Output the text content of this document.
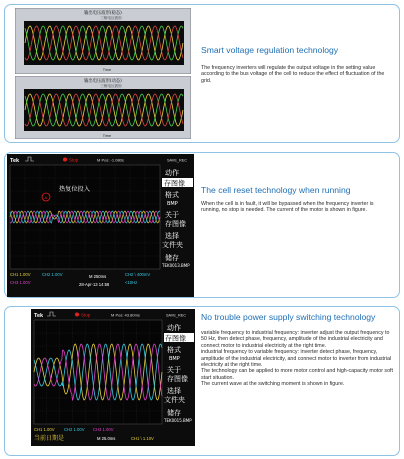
输出电压波形(稳态)
三相电压波形
Time
输出电压波形(动态)
三相电压波形
Time
Smart voltage regulation technology
The frequency inverters will regulate the output voltage in the setting value according to the bus voltage of the cell to reduce the effect of fluctuation of the grid.
Tek	Stop	M Pos: -1.080s	SAVE_REC
A
热复位投入
动作
存图像
格式
BMP
关于
存图像
选择
文件夹
储存
TEK0013.BMP
CH1 1.00V	CH2 1.00V
CH3 1.00V
M 250ms
28-Apr-13 14:58
CH2 \ 400mV
<10Hz
The cell reset technology when running
When the cell is in fault, it will be bypassed when the frequency inverter is running, no stop is needed. The current of the motor is shown in figure.
Tek	Stop	M Pos: 43.80ms	SAVE_REC
动作
存图像
格式
BMP
关于
存图像
选择
文件夹
储存
TEK0015.BMP
CH1 1.00V CH2 1.00V CH3 1.00V
当前日期是	M 25.0ms	CH1 \ 1.10V
No trouble power supply switching technology

variable frequency to industrial frequency: inverter adjust the output frequency to 50 Hz, then detect phase, frequency, amplitude of the industrial electricity and connect motor to industrial electricity at the right time.

industrial frequency to variable frequency: inverter detect phase, frequency, amplitude of the industrial electricity, and connect motor to inverter from industrial electricity at the right time.

The technology can be applied to more motor control and high-capacity motor soft start situation.

The current wave at the switching moment is shown in figure.
